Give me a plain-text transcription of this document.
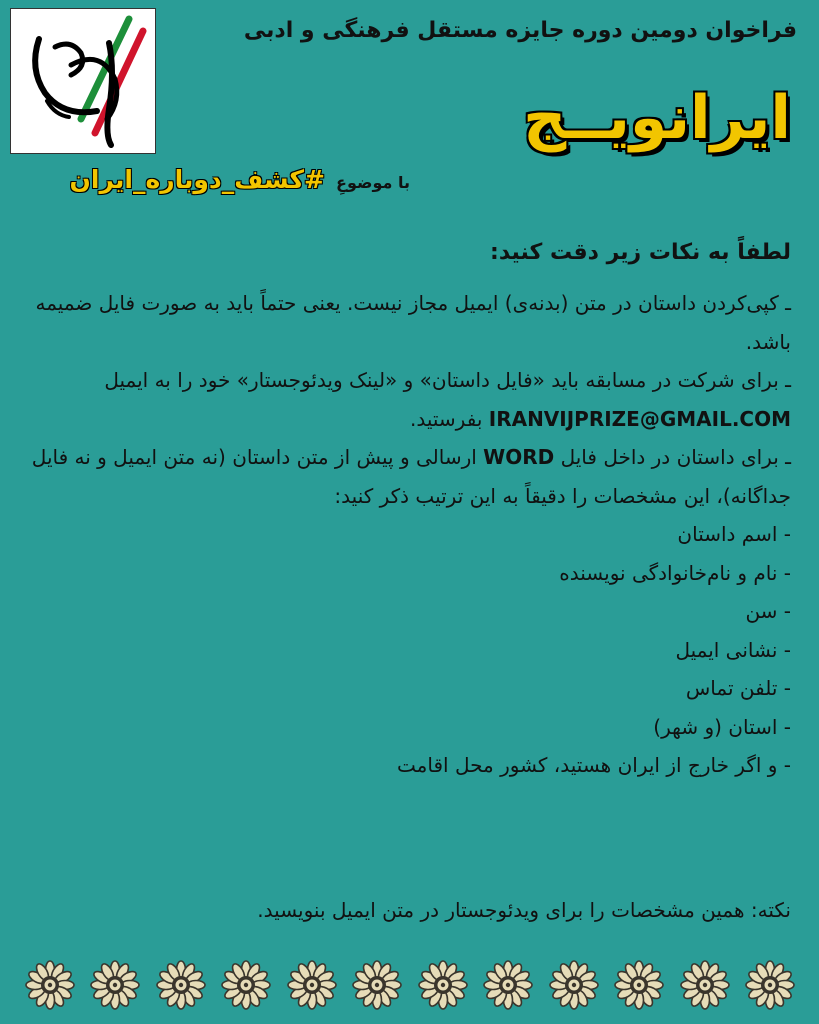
فراخوان دومین دوره جایزه مستقل فرهنگی و ادبی
ایرانویــج
با موضوعِ #کشف_دوباره_ایران
لطفاً به نکات زیر دقت کنید:

ـ کپی‌کردن داستان در متن (بدنه‌ی) ایمیل مجاز نیست. یعنی حتماً باید به صورت فایل ضمیمه باشد.

ـ برای شرکت در مسابقه باید «فایل داستان» و «لینک ویدئوجستار» خود را به ایمیل IRANVIJPRIZE@GMAIL.COM بفرستید.

ـ برای داستان در داخل فایل WORD ارسالی و پیش از متن داستان (نه متن ایمیل و نه فایل جداگانه)، این مشخصات را دقیقاً به این ترتیب ذکر کنید:

- اسم داستان

- نام و نام‌خانوادگی نویسنده

- سن

- نشانی ایمیل

- تلفن تماس

- استان (و شهر)

- و اگر خارج از ایران هستید، کشور محل اقامت

نکته: همین مشخصات را برای ویدئوجستار در متن ایمیل بنویسید.
